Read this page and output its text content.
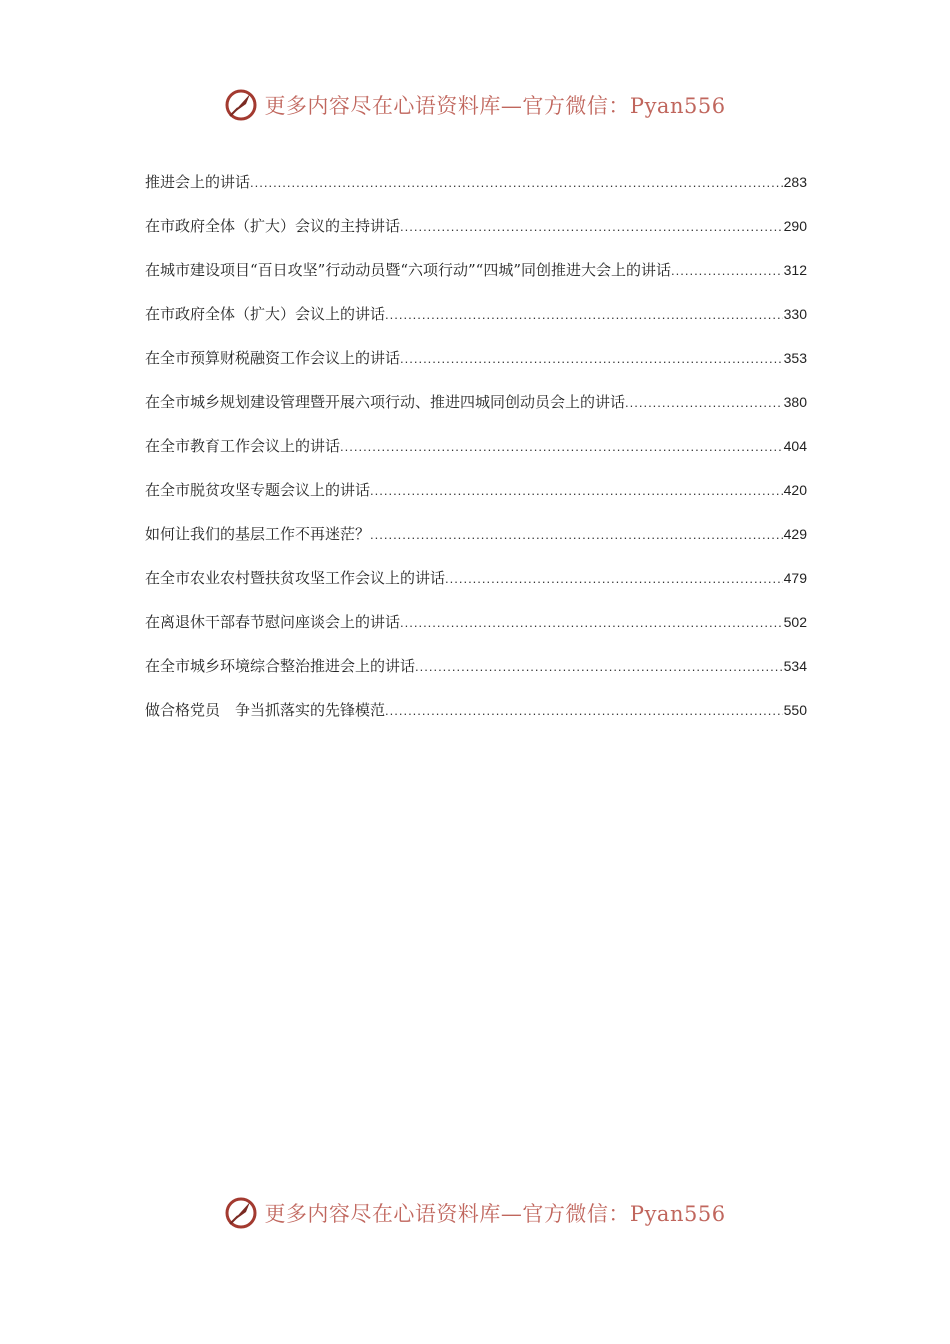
更多内容尽在心语资料库—官方微信：Pyan556
推进会上的讲话 .....	283
在市政府全体（扩大）会议的主持讲话 .....	290
在城市建设项目“百日攻坚”行动动员暨“六项行动”“四城”同创推进大会上的讲话 .....	312
在市政府全体（扩大）会议上的讲话 .....	330
在全市预算财税融资工作会议上的讲话 .....	353
在全市城乡规划建设管理暨开展六项行动、推进四城同创动员会上的讲话 .....	380
在全市教育工作会议上的讲话 .....	404
在全市脱贫攻坚专题会议上的讲话 .....	420
如何让我们的基层工作不再迷茫？ .....	429
在全市农业农村暨扶贫攻坚工作会议上的讲话 .....	479
在离退休干部春节慰问座谈会上的讲话 .....	502
在全市城乡环境综合整治推进会上的讲话 .....	534
做合格党员　争当抓落实的先锋模范 .....	550
更多内容尽在心语资料库—官方微信：Pyan556
